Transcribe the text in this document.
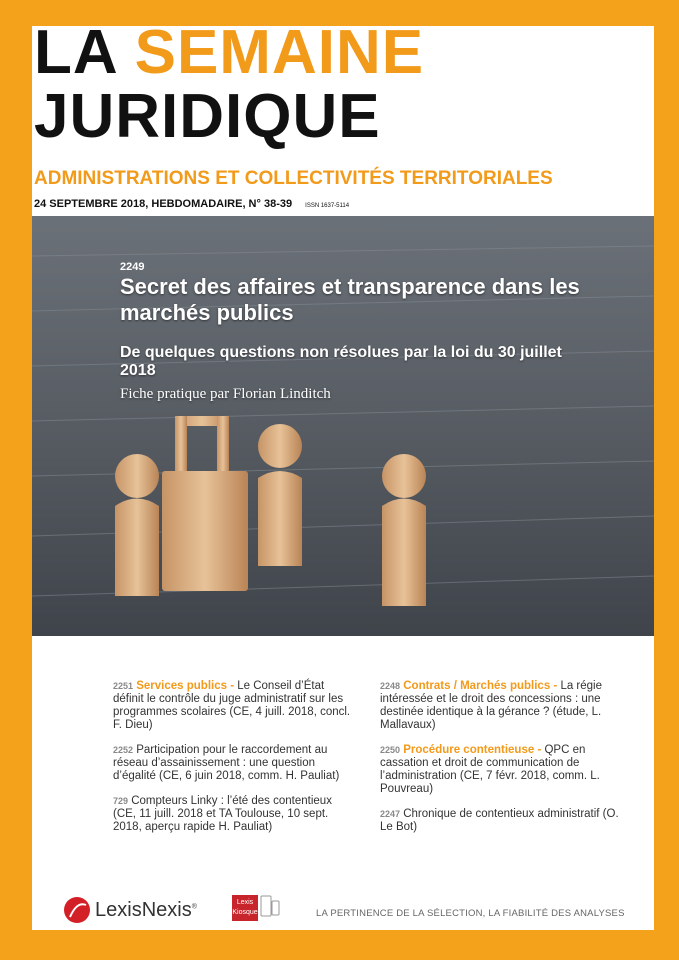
LA SEMAINE
JURIDIQUE
ADMINISTRATIONS ET COLLECTIVITÉS TERRITORIALES
24 SEPTEMBRE 2018, HEBDOMADAIRE, N° 38-39 ISSN 1637-5114
2249
Secret des affaires et transparence dans les marchés publics
De quelques questions non résolues par la loi du 30 juillet 2018
Fiche pratique par Florian Linditch
2251 Services publics - Le Conseil d’État définit le contrôle du juge administratif sur les programmes scolaires (CE, 4 juill. 2018, concl. F. Dieu)
2252 Participation pour le raccordement au réseau d’assainissement : une question d’égalité (CE, 6 juin 2018, comm. H. Pauliat)
729 Compteurs Linky : l’été des contentieux (CE, 11 juill. 2018 et TA Toulouse, 10 sept. 2018, aperçu rapide H. Pauliat)
2248 Contrats / Marchés publics - La régie intéressée et le droit des concessions : une destinée identique à la gérance ? (étude, L. Mallavaux)
2250 Procédure contentieuse - QPC en cassation et droit de communication de l’administration (CE, 7 févr. 2018, comm. L. Pouvreau)
2247 Chronique de contentieux administratif (O. Le Bot)
LexisNexis®
Lexis
Kiosque	LA PERTINENCE DE LA SÉLECTION, LA FIABILITÉ DES ANALYSES
